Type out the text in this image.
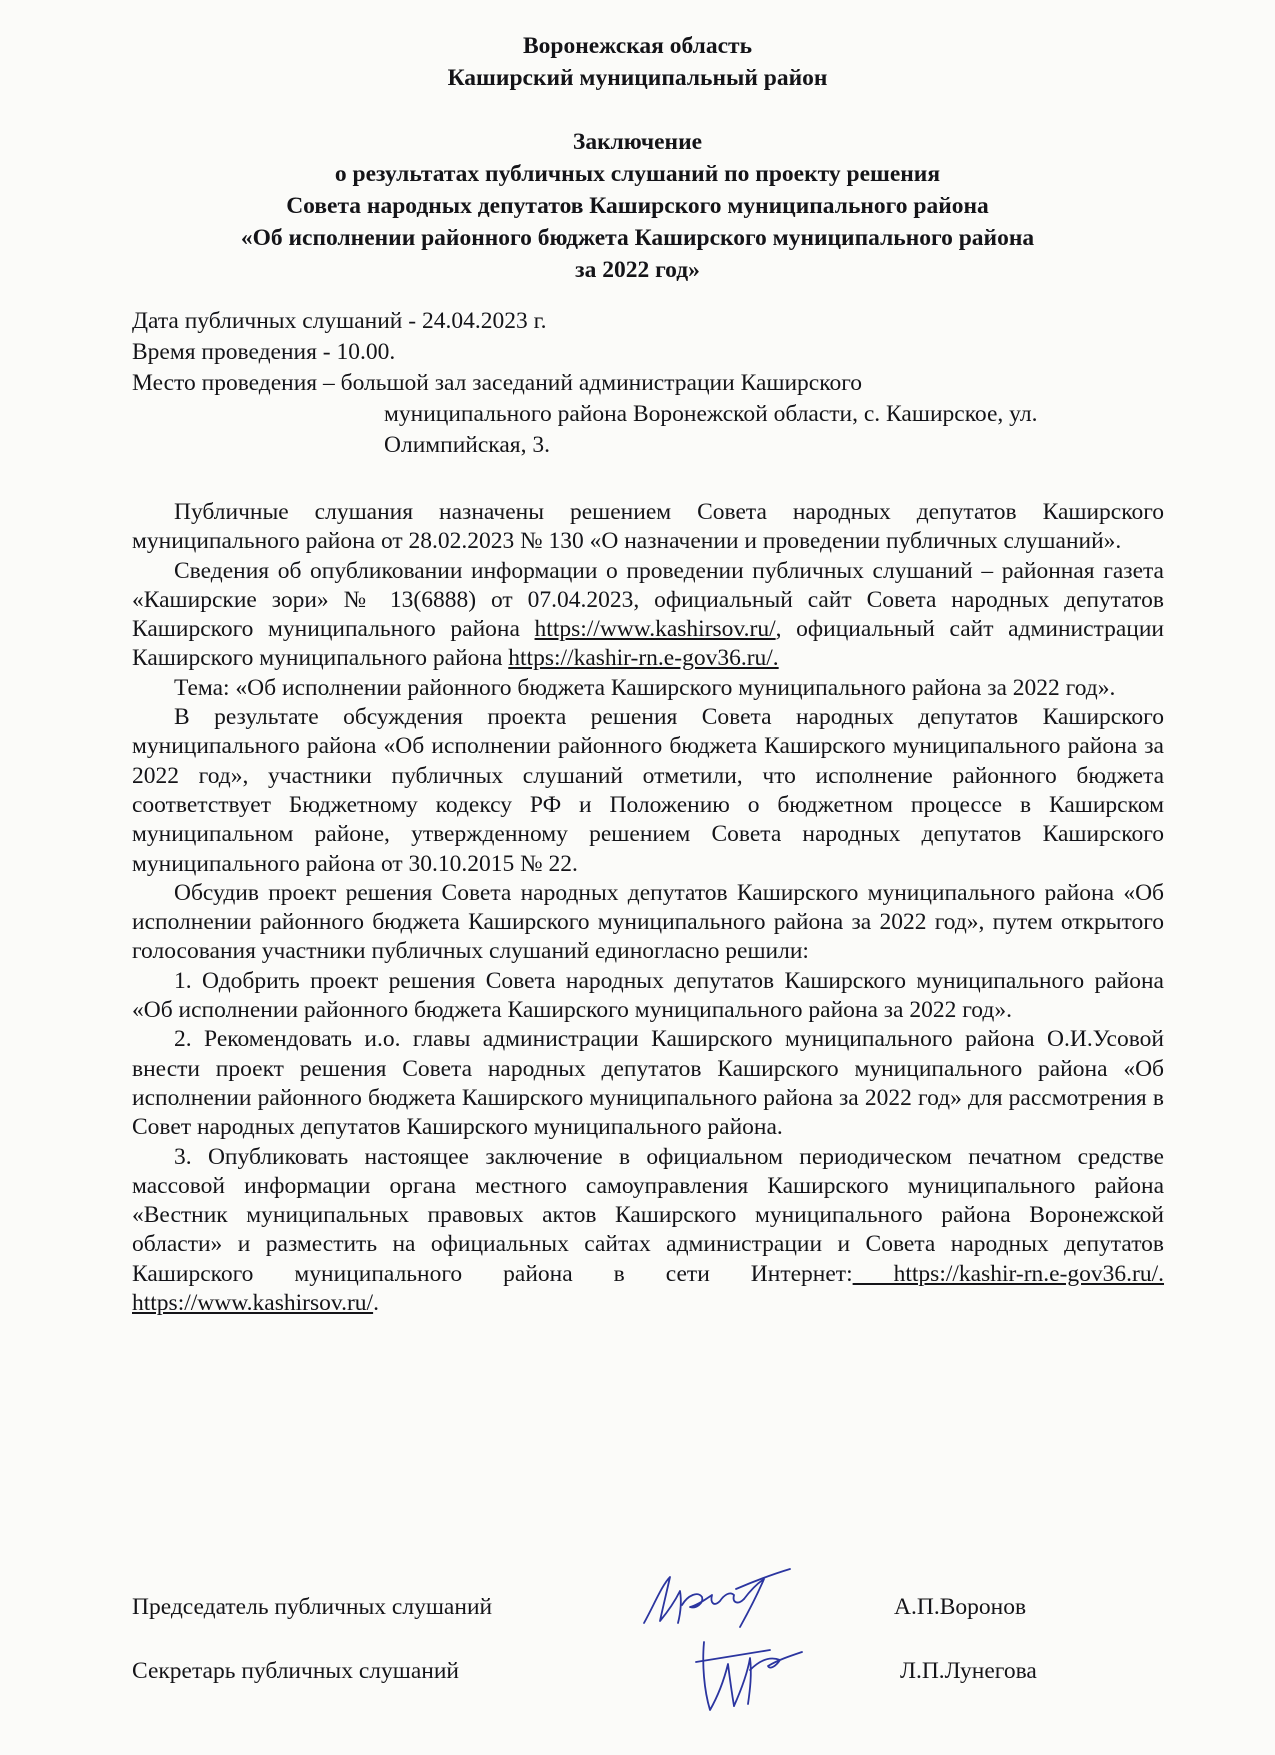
Воронежская область
Каширский муниципальный район
Заключение
о результатах публичных слушаний по проекту решения
Совета народных депутатов Каширского муниципального района
«Об исполнении районного бюджета Каширского муниципального района
за 2022 год»
Дата публичных слушаний - 24.04.2023 г.
Время проведения - 10.00.
Место проведения – большой зал заседаний администрации Каширского
муниципального района Воронежской области, с. Каширское, ул.
Олимпийская, 3.

Публичные слушания назначены решением Совета народных депутатов Каширского муниципального района от 28.02.2023 № 130 «О назначении и проведении публичных слушаний».

Сведения об опубликовании информации о проведении публичных слушаний – районная газета «Каширские зори» № 13(6888) от 07.04.2023, официальный сайт Совета народных депутатов Каширского муниципального района https://www.kashirsov.ru/, официальный сайт администрации Каширского муниципального района https://kashir-rn.e-gov36.ru/.

Тема: «Об исполнении районного бюджета Каширского муниципального района за 2022 год».

В результате обсуждения проекта решения Совета народных депутатов Каширского муниципального района «Об исполнении районного бюджета Каширского муниципального района за 2022 год», участники публичных слушаний отметили, что исполнение районного бюджета соответствует Бюджетному кодексу РФ и Положению о бюджетном процессе в Каширском муниципальном районе, утвержденному решением Совета народных депутатов Каширского муниципального района от 30.10.2015 № 22.

Обсудив проект решения Совета народных депутатов Каширского муниципального района «Об исполнении районного бюджета Каширского муниципального района за 2022 год», путем открытого голосования участники публичных слушаний единогласно решили:

1. Одобрить проект решения Совета народных депутатов Каширского муниципального района «Об исполнении районного бюджета Каширского муниципального района за 2022 год».

2. Рекомендовать и.о. главы администрации Каширского муниципального района О.И.Усовой внести проект решения Совета народных депутатов Каширского муниципального района «Об исполнении районного бюджета Каширского муниципального района за 2022 год» для рассмотрения в Совет народных депутатов Каширского муниципального района.

3. Опубликовать настоящее заключение в официальном периодическом печатном средстве массовой информации органа местного самоуправления Каширского муниципального района «Вестник муниципальных правовых актов Каширского муниципального района Воронежской области» и разместить на официальных сайтах администрации и Совета народных депутатов Каширского муниципального района в сети Интернет: https://kashir-rn.e-gov36.ru/. https://www.kashirsov.ru/.

Председатель публичных слушаний	А.П.Воронов
Секретарь публичных слушаний	Л.П.Лунегова
